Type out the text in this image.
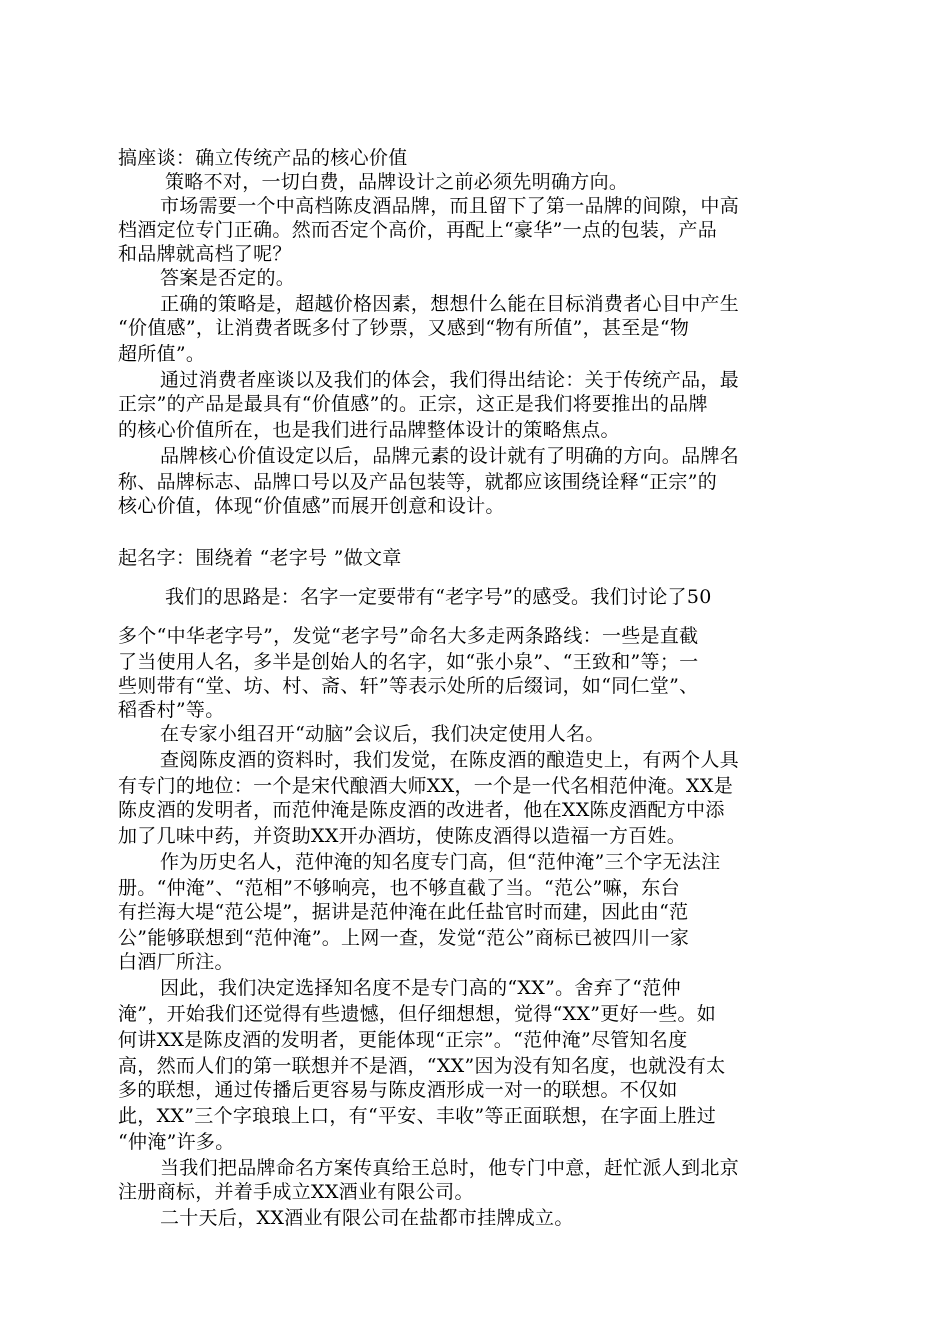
搞座谈：确立传统产品的核心价值
策略不对，一切白费，品牌设计之前必须先明确方向。
市场需要一个中高档陈皮酒品牌，而且留下了第一品牌的间隙，中高
档酒定位专门正确。然而否定个高价，再配上“豪华”一点的包装，产品
和品牌就高档了呢？
答案是否定的。
正确的策略是，超越价格因素，想想什么能在目标消费者心目中产生
“价值感”，让消费者既多付了钞票，又感到“物有所值”，甚至是“物
超所值”。
通过消费者座谈以及我们的体会，我们得出结论：关于传统产品，最
正宗”的产品是最具有“价值感”的。正宗，这正是我们将要推出的品牌
的核心价值所在，也是我们进行品牌整体设计的策略焦点。
品牌核心价值设定以后，品牌元素的设计就有了明确的方向。品牌名
称、品牌标志、品牌口号以及产品包装等，就都应该围绕诠释“正宗”的
核心价值，体现“价值感”而展开创意和设计。
起名字：围绕着 “老字号 ”做文章
我们的思路是：名字一定要带有“老字号”的感受。我们讨论了50
多个“中华老字号”，发觉“老字号”命名大多走两条路线：一些是直截
了当使用人名，多半是创始人的名字，如“张小泉”、“王致和”等；一
些则带有“堂、坊、村、斋、轩”等表示处所的后缀词，如“同仁堂”、
稻香村”等。
在专家小组召开“动脑”会议后，我们决定使用人名。
查阅陈皮酒的资料时，我们发觉，在陈皮酒的酿造史上，有两个人具
有专门的地位：一个是宋代酿酒大师XX，一个是一代名相范仲淹。XX是
陈皮酒的发明者，而范仲淹是陈皮酒的改进者，他在XX陈皮酒配方中添
加了几味中药，并资助XX开办酒坊，使陈皮酒得以造福一方百姓。
作为历史名人，范仲淹的知名度专门高，但“范仲淹”三个字无法注
册。“仲淹”、“范相”不够响亮，也不够直截了当。“范公”嘛，东台
有拦海大堤“范公堤”，据讲是范仲淹在此任盐官时而建，因此由“范
公”能够联想到“范仲淹”。上网一查，发觉“范公”商标已被四川一家
白酒厂所注。
因此，我们决定选择知名度不是专门高的“XX”。舍弃了“范仲
淹”，开始我们还觉得有些遗憾，但仔细想想，觉得“XX”更好一些。如
何讲XX是陈皮酒的发明者，更能体现“正宗”。“范仲淹”尽管知名度
高，然而人们的第一联想并不是酒，“XX”因为没有知名度，也就没有太
多的联想，通过传播后更容易与陈皮酒形成一对一的联想。不仅如
此，XX”三个字琅琅上口，有“平安、丰收”等正面联想，在字面上胜过
“仲淹”许多。
当我们把品牌命名方案传真给王总时，他专门中意，赶忙派人到北京
注册商标，并着手成立XX酒业有限公司。
二十天后，XX酒业有限公司在盐都市挂牌成立。
